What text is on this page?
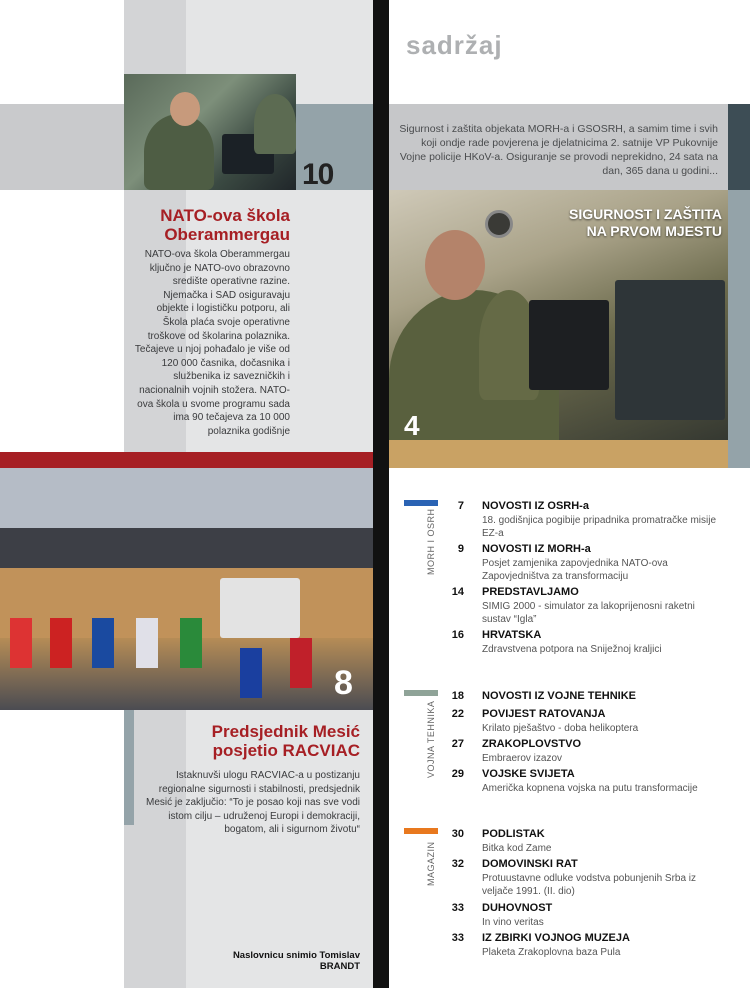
10
SIGURNOST I ZAŠTITA NA PRVOM MJESTU
4
8
sadržaj
Sigurnost i zaštita objekata MORH-a i GSOSRH, a samim time i svih koji ondje rade povjerena je djelatnicima 2. satnije VP Pukovnije Vojne policije HKoV-a. Osiguranje se provodi neprekidno, 24 sata na dan, 365 dana u godini...
NATO-ova škola Oberammergau
NATO-ova škola Oberammergau ključno je NATO-ovo obrazovno središte operativne razine. Njemačka i SAD osiguravaju objekte i logističku potporu, ali Škola plaća svoje operativne troškove od školarina polaznika. Tečajeve u njoj pohađalo je više od 120 000 časnika, dočasnika i službenika iz savezničkih i nacionalnih vojnih stožera. NATO-ova škola u svome programu sada ima 90 tečajeva za 10 000 polaznika godišnje
Predsjednik Mesić posjetio RACVIAC
Istaknuvši ulogu RACVIAC-a u postizanju regionalne sigurnosti i stabilnosti, predsjednik Mesić je zaključio: “To je posao koji nas sve vodi istom cilju – udruženoj Europi i demokraciji, bogatom, ali i sigurnom životu“
Naslovnicu snimio Tomislav BRANDT
MORH I OSRH
7 NOVOSTI IZ OSRH-a
18. godišnjica pogibije pripadnika promatračke misije EZ-a
9 NOVOSTI IZ MORH-a
Posjet zamjenika zapovjednika NATO-ova Zapovjedništva za transformaciju
14 PREDSTAVLJAMO
SIMIG 2000 - simulator za lakoprijenosni raketni sustav “Igla”
16 HRVATSKA
Zdravstvena potpora na Sniježnoj kraljici
VOJNA TEHNIKA
18 NOVOSTI IZ VOJNE TEHNIKE
22 POVIJEST RATOVANJA
Krilato pješaštvo - doba helikoptera
27 ZRAKOPLOVSTVO
Embraerov izazov
29 VOJSKE SVIJETA
Američka kopnena vojska na putu transformacije
MAGAZIN
30 PODLISTAK
Bitka kod Zame
32 DOMOVINSKI RAT
Protuustavne odluke vodstva pobunjenih Srba iz veljače 1991. (II. dio)
33 DUHOVNOST
In vino veritas
33 IZ ZBIRKI VOJNOG MUZEJA
Plaketa Zrakoplovna baza Pula
